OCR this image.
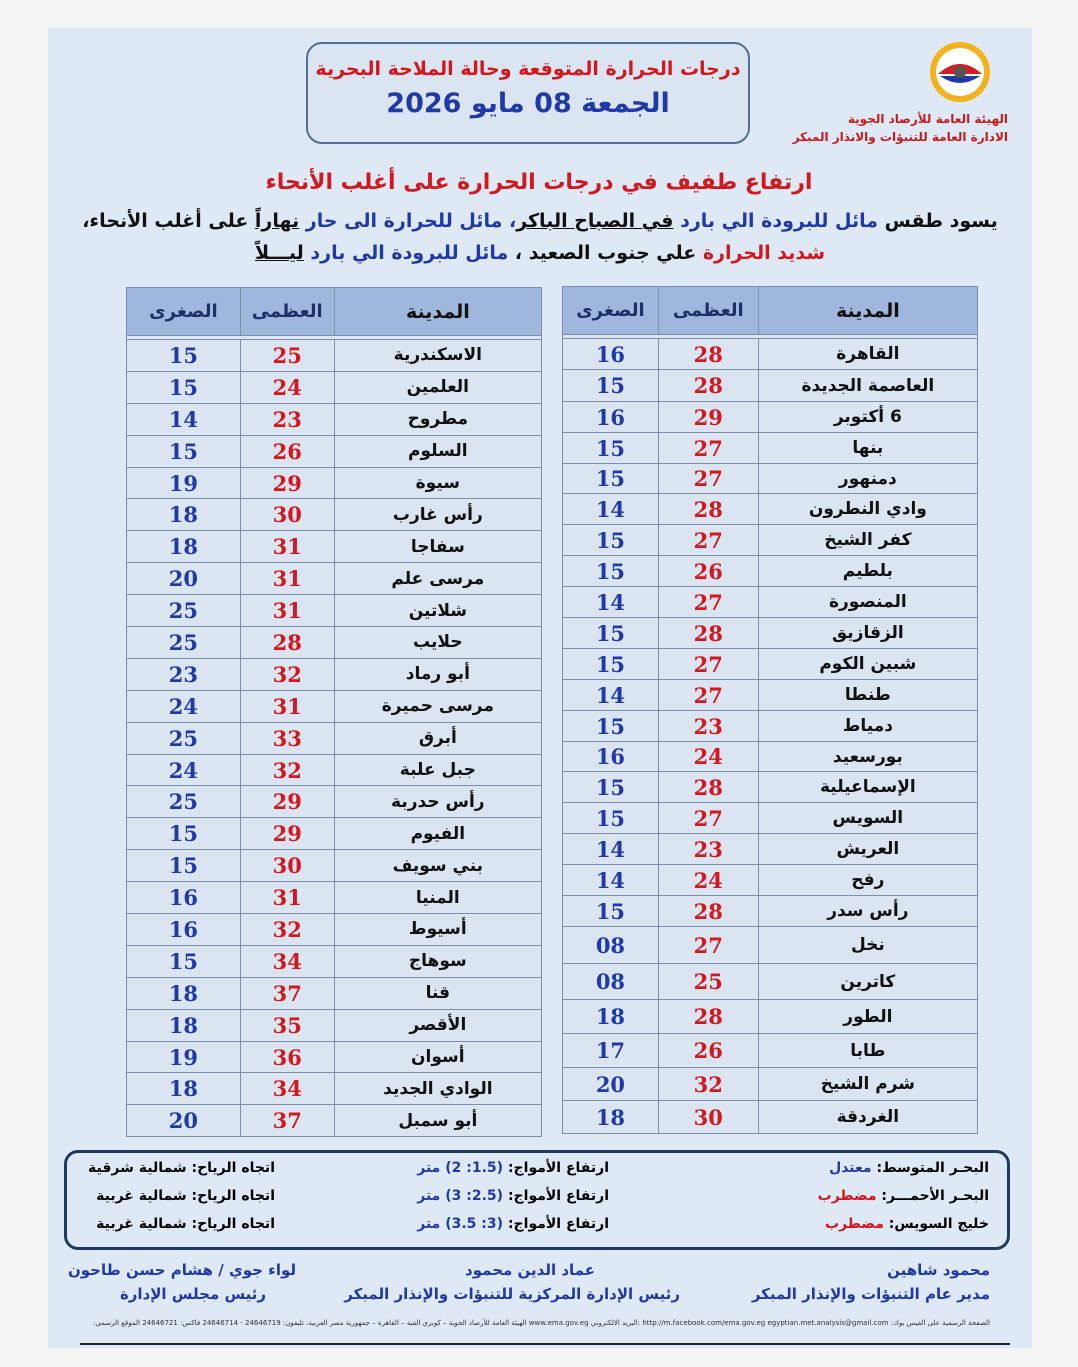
الهيئة العامة للأرصاد الجوية
الادارة العامة للتنبؤات والانذار المبكر
درجات الحرارة المتوقعة وحالة الملاحة البحرية
الجمعة 08 مايو 2026
ارتفاع طفيف في درجات الحرارة على أغلب الأنحاء
يسود طقس مائل للبرودة الي بارد في الصباح الباكر، مائل للحرارة الى حار نهاراً على أغلب الأنحاء،
شديد الحرارة علي جنوب الصعيد ، مائل للبرودة الي بارد ليـــلاً
المدينة	العظمى	الصغرى

القاهرة	28	16
العاصمة الجديدة	28	15
6 أكتوبر	29	16
بنها	27	15
دمنهور	27	15
وادي النطرون	28	14
كفر الشيخ	27	15
بلطيم	26	15
المنصورة	27	14
الزقازيق	28	15
شبين الكوم	27	15
طنطا	27	14
دمياط	23	15
بورسعيد	24	16
الإسماعيلية	28	15
السويس	27	15
العريش	23	14
رفح	24	14
رأس سدر	28	15
نخل	27	08
كاترين	25	08
الطور	28	18
طابا	26	17
شرم الشيخ	32	20
الغردقة	30	18
المدينة	العظمى	الصغرى

الاسكندرية	25	15
العلمين	24	15
مطروح	23	14
السلوم	26	15
سيوة	29	19
رأس غارب	30	18
سفاجا	31	18
مرسى علم	31	20
شلاتين	31	25
حلايب	28	25
أبو رماد	32	23
مرسى حميرة	31	24
أبرق	33	25
جبل علبة	32	24
رأس حدربة	29	25
الفيوم	29	15
بني سويف	30	15
المنيا	31	16
أسيوط	32	16
سوهاج	34	15
قنا	37	18
الأقصر	35	18
أسوان	36	19
الوادي الجديد	34	18
أبو سمبل	37	20
البحـر المتوسط: معتدل
ارتفاع الأمواج: (1.5: 2) متر
اتجاه الرياح: شمالية شرقية
البحـر الأحمـــر: مضطرب
ارتفاع الأمواج: (2.5: 3) متر
اتجاه الرياح: شمالية غربية
خليج السويس: مضطرب
ارتفاع الأمواج: (3: 3.5) متر
اتجاه الرياح: شمالية غربية
محمود شاهين
مدير عام التنبؤات والإنذار المبكر
عماد الدين محمود
رئيس الإدارة المركزية للتنبؤات والإنذار المبكر
لواء جوي / هشام حسن طاحون
رئيس مجلس الإدارة
الصفحة الرسمية على الفيس بوك: http://m.facebook.com/ema.gov.eg egyptian.met.analysis@gmail.com :البريد الالكتروني www.ema.gov.eg الهيئة العامة للأرصاد الجوية – كوبري القبة – القاهرة – جمهورية مصر العربية، تليفون: 24646719 - 24646714 فاكس: 24646721 الموقع الرسمي:
